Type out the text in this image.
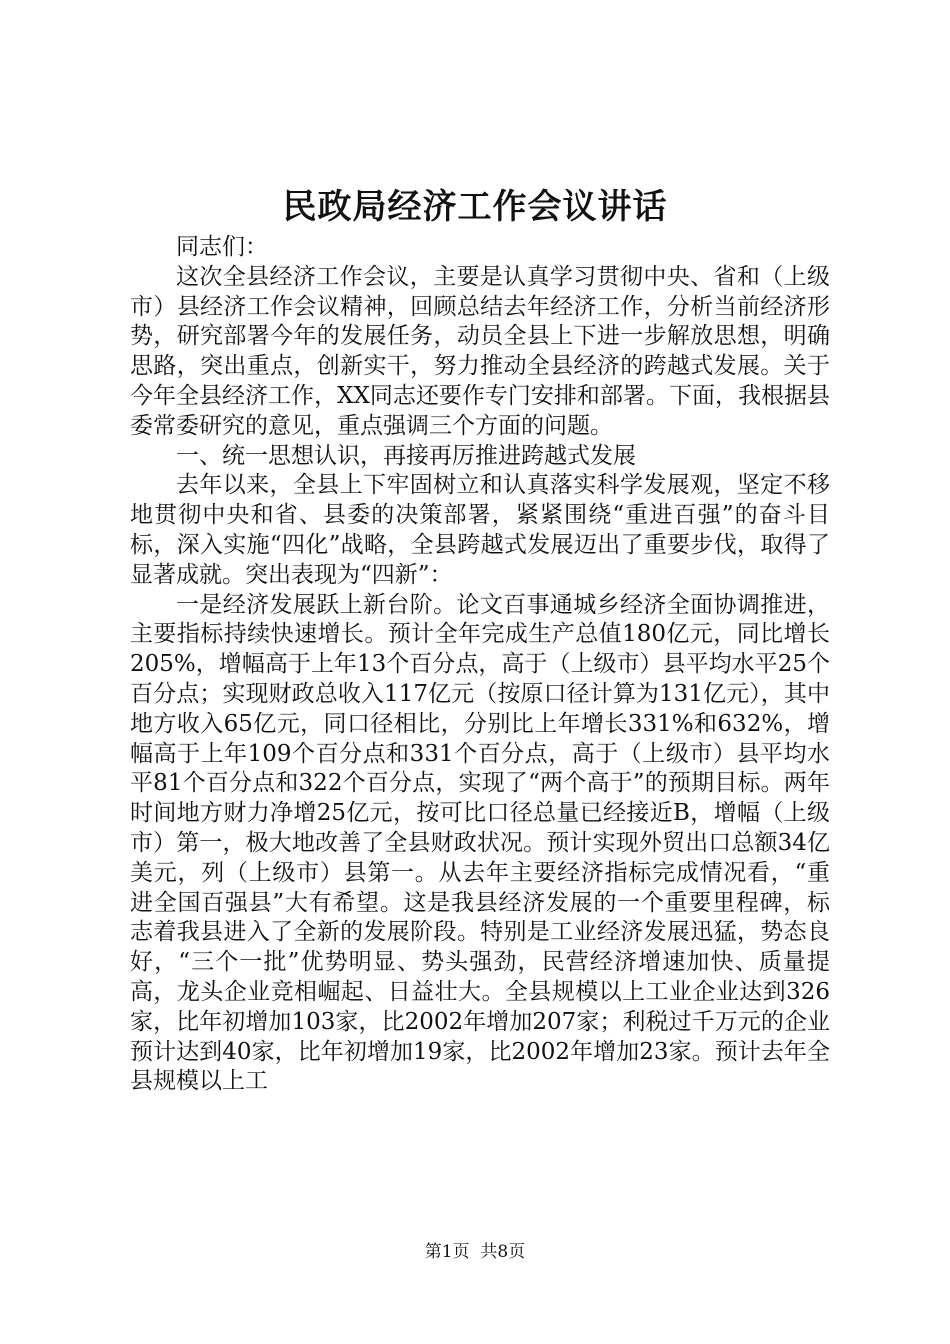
民政局经济工作会议讲话

同志们：

这次全县经济工作会议，主要是认真学习贯彻中央、省和（上级市）县经济工作会议精神，回顾总结去年经济工作，分析当前经济形势，研究部署今年的发展任务，动员全县上下进一步解放思想，明确思路，突出重点，创新实干，努力推动全县经济的跨越式发展。关于今年全县经济工作，XX同志还要作专门安排和部署。下面，我根据县委常委研究的意见，重点强调三个方面的问题。

一、统一思想认识，再接再厉推进跨越式发展

去年以来，全县上下牢固树立和认真落实科学发展观，坚定不移地贯彻中央和省、县委的决策部署，紧紧围绕“重进百强”的奋斗目标，深入实施“四化”战略，全县跨越式发展迈出了重要步伐，取得了显著成就。突出表现为“四新”：

一是经济发展跃上新台阶。论文百事通城乡经济全面协调推进，主要指标持续快速增长。预计全年完成生产总值180亿元，同比增长205%，增幅高于上年13个百分点，高于（上级市）县平均水平25个百分点；实现财政总收入117亿元（按原口径计算为131亿元），其中地方收入65亿元，同口径相比，分别比上年增长331%和632%，增幅高于上年109个百分点和331个百分点，高于（上级市）县平均水平81个百分点和322个百分点，实现了“两个高于”的预期目标。两年时间地方财力净增25亿元，按可比口径总量已经接近B，增幅（上级市）第一，极大地改善了全县财政状况。预计实现外贸出口总额34亿美元，列（上级市）县第一。从去年主要经济指标完成情况看，“重进全国百强县”大有希望。这是我县经济发展的一个重要里程碑，标志着我县进入了全新的发展阶段。特别是工业经济发展迅猛，势态良好，“三个一批”优势明显、势头强劲，民营经济增速加快、质量提高，龙头企业竞相崛起、日益壮大。全县规模以上工业企业达到326家，比年初增加103家，比2002年增加207家；利税过千万元的企业预计达到40家，比年初增加19家，比2002年增加23家。预计去年全县规模以上工

第1页 共8页
